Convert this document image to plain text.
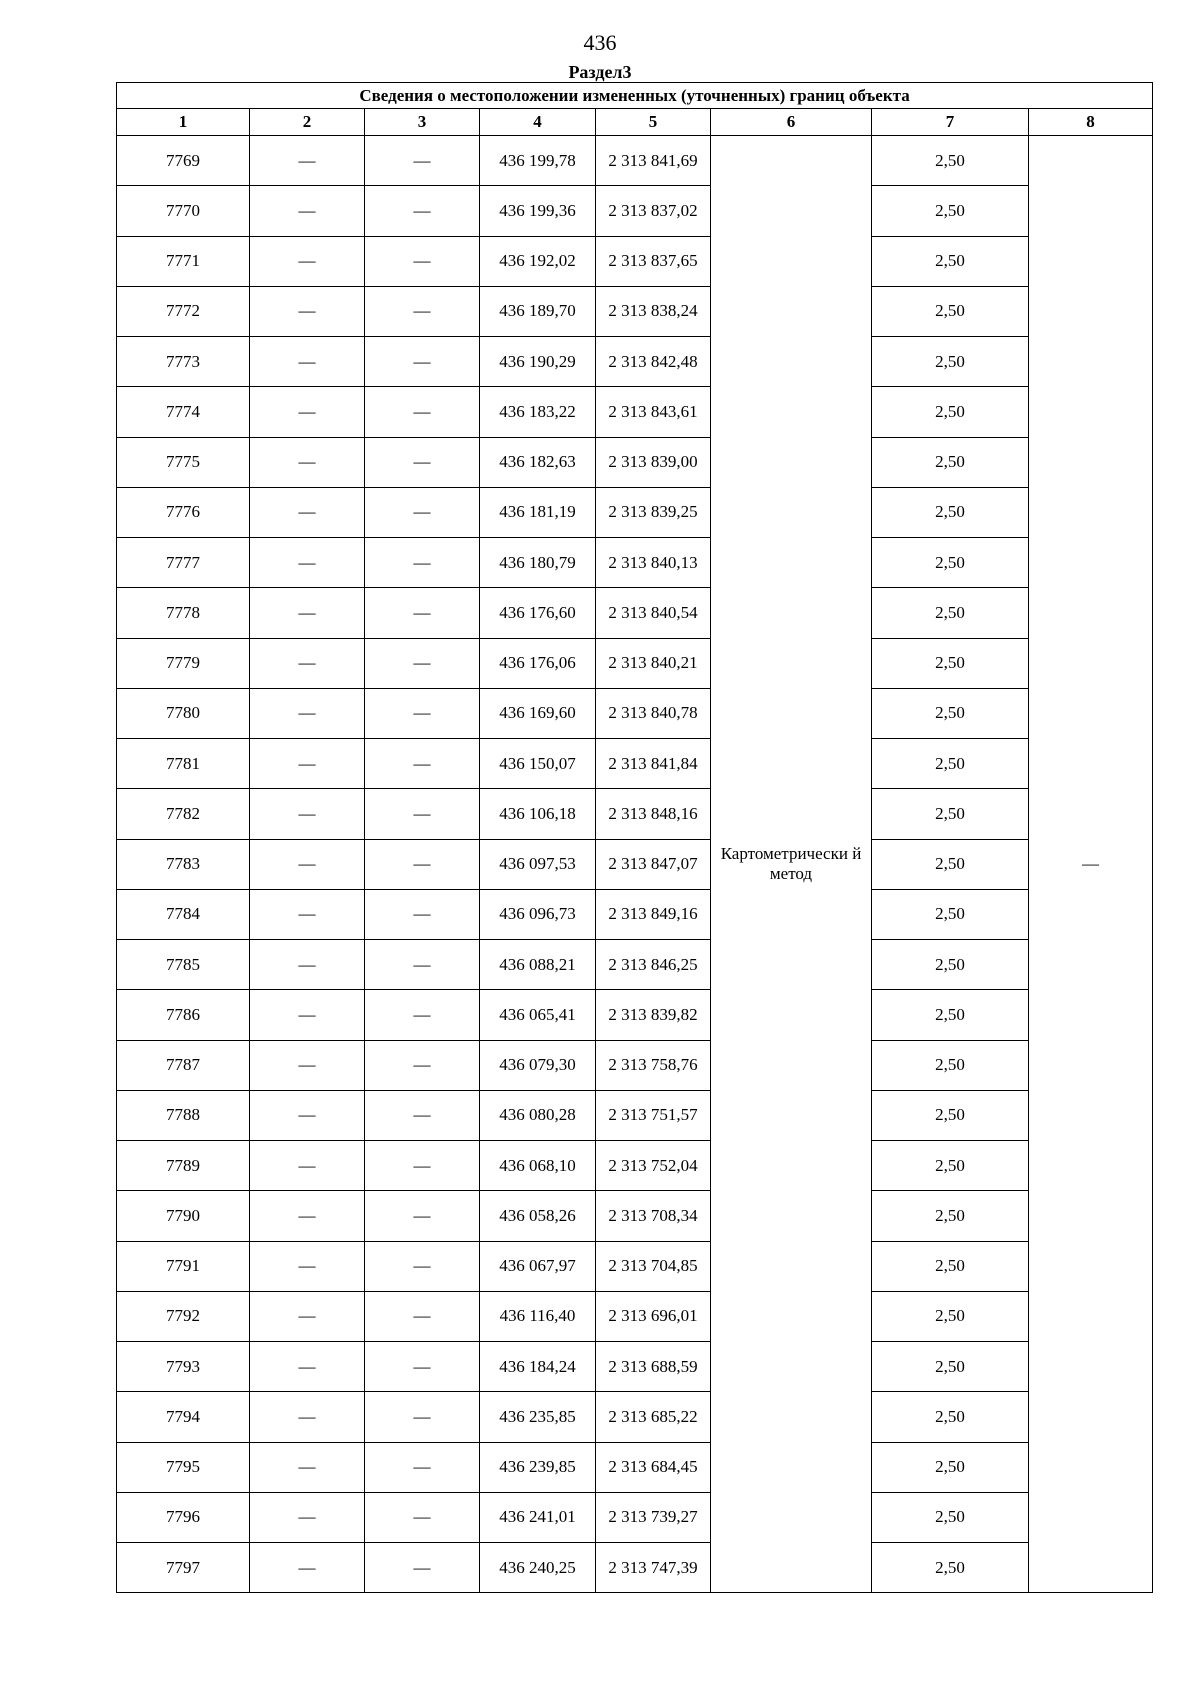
436
Раздел3
Сведения о местоположении измененных (уточненных) границ объекта							
1	2	3	4	5	6	7	8
7769	—	—	436 199,78	2 313 841,69	Картометрически й метод	2,50	—
7770	—	—	436 199,36	2 313 837,02		2,50	
7771	—	—	436 192,02	2 313 837,65		2,50	
7772	—	—	436 189,70	2 313 838,24		2,50	
7773	—	—	436 190,29	2 313 842,48		2,50	
7774	—	—	436 183,22	2 313 843,61		2,50	
7775	—	—	436 182,63	2 313 839,00		2,50	
7776	—	—	436 181,19	2 313 839,25		2,50	
7777	—	—	436 180,79	2 313 840,13		2,50	
7778	—	—	436 176,60	2 313 840,54		2,50	
7779	—	—	436 176,06	2 313 840,21		2,50	
7780	—	—	436 169,60	2 313 840,78		2,50	
7781	—	—	436 150,07	2 313 841,84		2,50	
7782	—	—	436 106,18	2 313 848,16		2,50	
7783	—	—	436 097,53	2 313 847,07		2,50	
7784	—	—	436 096,73	2 313 849,16		2,50	
7785	—	—	436 088,21	2 313 846,25		2,50	
7786	—	—	436 065,41	2 313 839,82		2,50	
7787	—	—	436 079,30	2 313 758,76		2,50	
7788	—	—	436 080,28	2 313 751,57		2,50	
7789	—	—	436 068,10	2 313 752,04		2,50	
7790	—	—	436 058,26	2 313 708,34		2,50	
7791	—	—	436 067,97	2 313 704,85		2,50	
7792	—	—	436 116,40	2 313 696,01		2,50	
7793	—	—	436 184,24	2 313 688,59		2,50	
7794	—	—	436 235,85	2 313 685,22		2,50	
7795	—	—	436 239,85	2 313 684,45		2,50	
7796	—	—	436 241,01	2 313 739,27		2,50	
7797	—	—	436 240,25	2 313 747,39		2,50	
